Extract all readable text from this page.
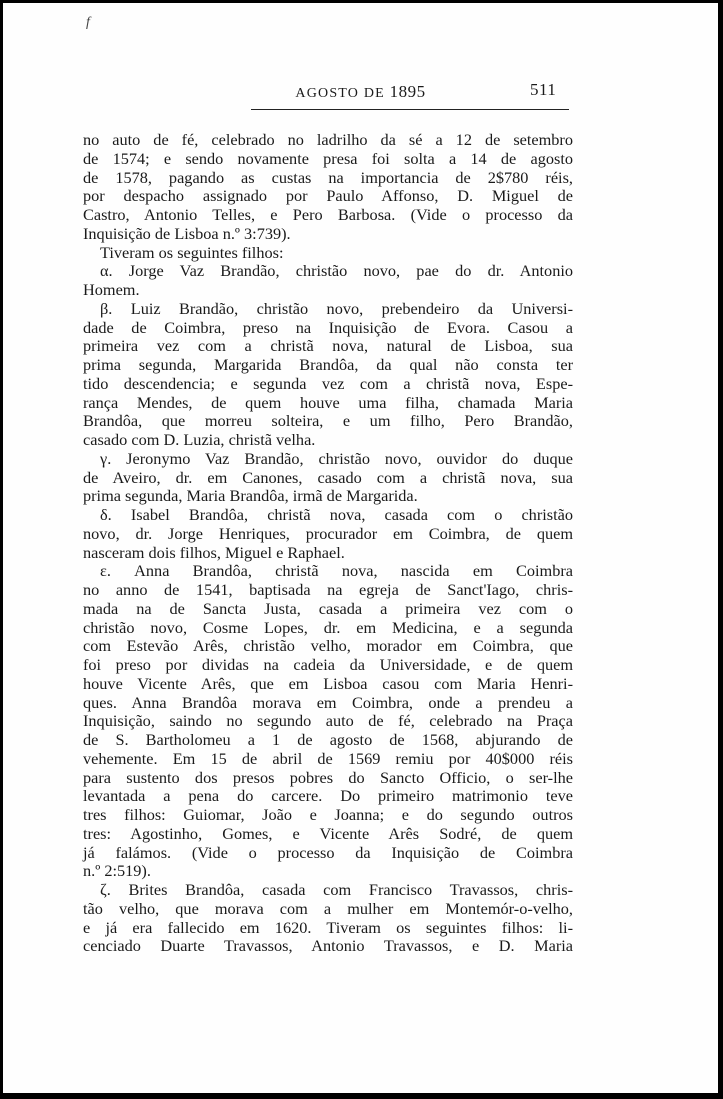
f
AGOSTO DE 1895	511
no auto de fé, celebrado no ladrilho da sé a 12 de setembro
de 1574; e sendo novamente presa foi solta a 14 de agosto
de 1578, pagando as custas na importancia de 2$780 réis,
por despacho assignado por Paulo Affonso, D. Miguel de
Castro, Antonio Telles, e Pero Barbosa. (Vide o processo da
Inquisição de Lisboa n.º 3:739).
Tiveram os seguintes filhos:
α. Jorge Vaz Brandão, christão novo, pae do dr. Antonio
Homem.
β. Luiz Brandão, christão novo, prebendeiro da Universi-
dade de Coimbra, preso na Inquisição de Evora. Casou a
primeira vez com a christã nova, natural de Lisboa, sua
prima segunda, Margarida Brandôa, da qual não consta ter
tido descendencia; e segunda vez com a christã nova, Espe-
rança Mendes, de quem houve uma filha, chamada Maria
Brandôa, que morreu solteira, e um filho, Pero Brandão,
casado com D. Luzia, christã velha.
γ. Jeronymo Vaz Brandão, christão novo, ouvidor do duque
de Aveiro, dr. em Canones, casado com a christã nova, sua
prima segunda, Maria Brandôa, irmã de Margarida.
δ. Isabel Brandôa, christã nova, casada com o christão
novo, dr. Jorge Henriques, procurador em Coimbra, de quem
nasceram dois filhos, Miguel e Raphael.
ε. Anna Brandôa, christã nova, nascida em Coimbra
no anno de 1541, baptisada na egreja de Sanct'Iago, chris-
mada na de Sancta Justa, casada a primeira vez com o
christão novo, Cosme Lopes, dr. em Medicina, e a segunda
com Estevão Arês, christão velho, morador em Coimbra, que
foi preso por dividas na cadeia da Universidade, e de quem
houve Vicente Arês, que em Lisboa casou com Maria Henri-
ques. Anna Brandôa morava em Coimbra, onde a prendeu a
Inquisição, saindo no segundo auto de fé, celebrado na Praça
de S. Bartholomeu a 1 de agosto de 1568, abjurando de
vehemente. Em 15 de abril de 1569 remiu por 40$000 réis
para sustento dos presos pobres do Sancto Officio, o ser-lhe
levantada a pena do carcere. Do primeiro matrimonio teve
tres filhos: Guiomar, João e Joanna; e do segundo outros
tres: Agostinho, Gomes, e Vicente Arês Sodré, de quem
já falámos. (Vide o processo da Inquisição de Coimbra
n.º 2:519).
ζ. Brites Brandôa, casada com Francisco Travassos, chris-
tão velho, que morava com a mulher em Montemór-o-velho,
e já era fallecido em 1620. Tiveram os seguintes filhos: li-
cenciado Duarte Travassos, Antonio Travassos, e D. Maria
